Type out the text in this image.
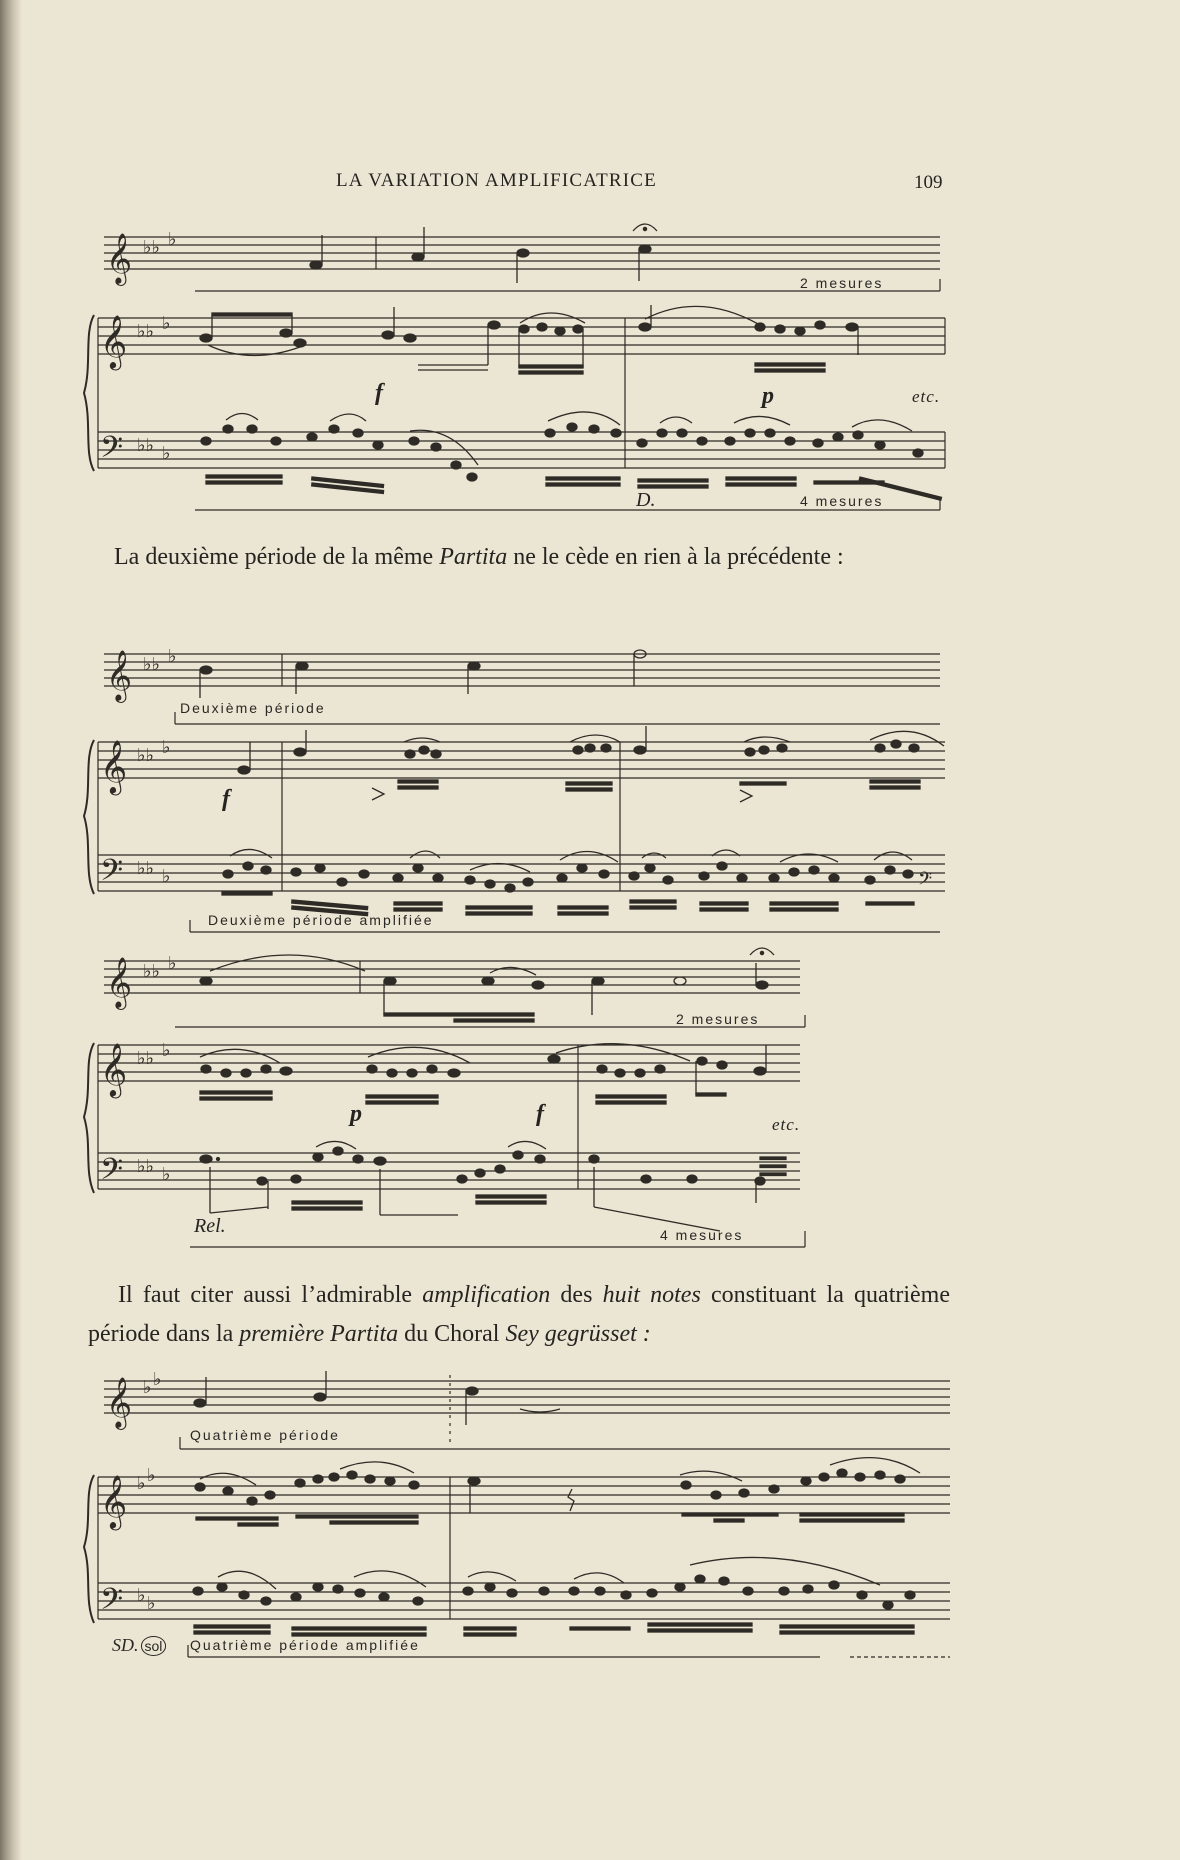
LA VARIATION AMPLIFICATRICE	109
𝄞
𝄞
𝄢
♭♭ ♭
♭♭ ♭
♭♭ ♭
2 mesures
f	p	etc.
D.	4 mesures

La deuxième période de la même Partita ne le cède en rien à la précédente :

𝄞
𝄞
𝄢
♭♭ ♭
♭♭ ♭
♭♭ ♭	𝄢
Deuxième période
f
Deuxième période amplifiée
𝄞
𝄞
𝄢
♭♭ ♭
♭♭ ♭
♭♭ ♭
2 mesures
p	f	etc.
Rel.	4 mesures

Il faut citer aussi l’admirable amplification des huit notes constituant la quatrième période dans la première Partita du Choral Sey gegrüsset :

𝄞
𝄞
𝄢
♭ ♭
♭ ♭
♭ ♭
Quatrième période
SD. sol Quatrième période amplifiée
